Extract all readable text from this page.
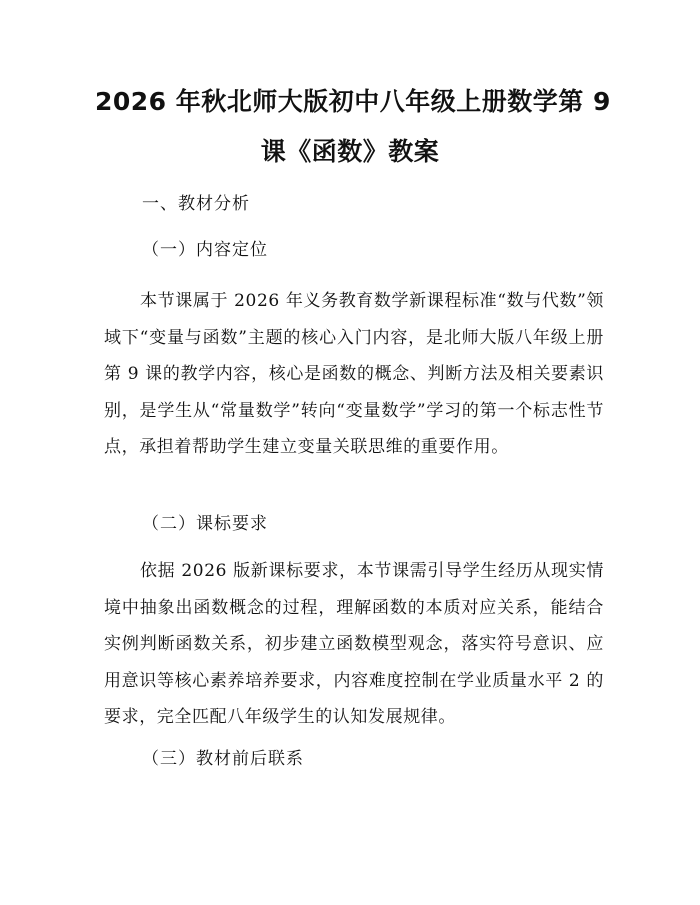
2026 年秋北师大版初中八年级上册数学第 9
课《函数》教案

一、教材分析

（一）内容定位

本节课属于 2026 年义务教育数学新课程标准“数与代数”领域下“变量与函数”主题的核心入门内容，是北师大版八年级上册第 9 课的教学内容，核心是函数的概念、判断方法及相关要素识别，是学生从“常量数学”转向“变量数学”学习的第一个标志性节点，承担着帮助学生建立变量关联思维的重要作用。

（二）课标要求

依据 2026 版新课标要求，本节课需引导学生经历从现实情境中抽象出函数概念的过程，理解函数的本质对应关系，能结合实例判断函数关系，初步建立函数模型观念，落实符号意识、应用意识等核心素养培养要求，内容难度控制在学业质量水平 2 的要求，完全匹配八年级学生的认知发展规律。

（三）教材前后联系
